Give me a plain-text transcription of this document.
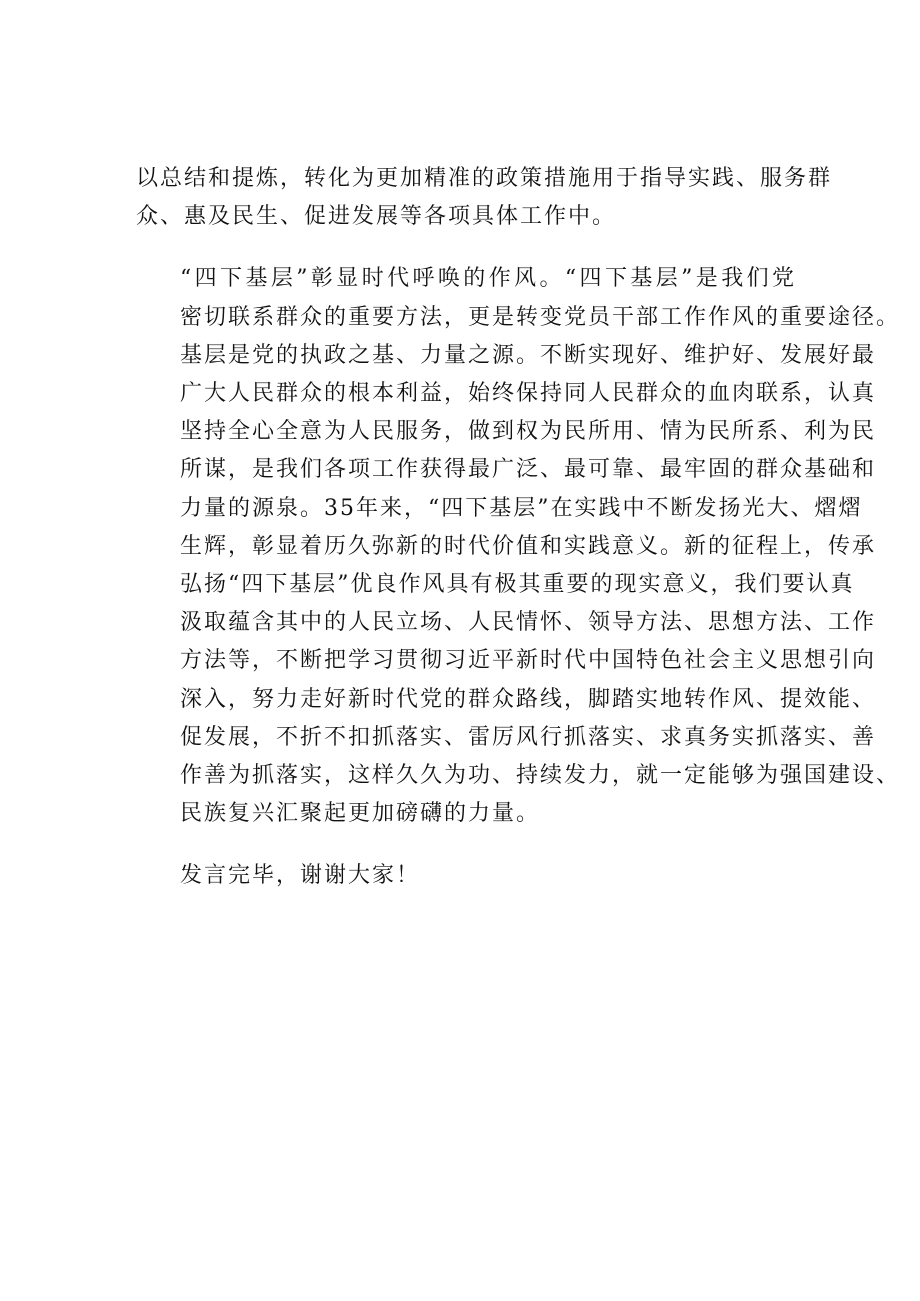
以总结和提炼，转化为更加精准的政策措施用于指导实践、服务群
众、惠及民生、促进发展等各项具体工作中。

“四下基层”彰显时代呼唤的作风。“四下基层”是我们党
密切联系群众的重要方法，更是转变党员干部工作作风的重要途径。
基层是党的执政之基、力量之源。不断实现好、维护好、发展好最
广大人民群众的根本利益，始终保持同人民群众的血肉联系，认真
坚持全心全意为人民服务，做到权为民所用、情为民所系、利为民
所谋，是我们各项工作获得最广泛、最可靠、最牢固的群众基础和
力量的源泉。35年来，“四下基层”在实践中不断发扬光大、熠熠
生辉，彰显着历久弥新的时代价值和实践意义。新的征程上，传承
弘扬“四下基层”优良作风具有极其重要的现实意义，我们要认真
汲取蕴含其中的人民立场、人民情怀、领导方法、思想方法、工作
方法等，不断把学习贯彻习近平新时代中国特色社会主义思想引向
深入，努力走好新时代党的群众路线，脚踏实地转作风、提效能、
促发展，不折不扣抓落实、雷厉风行抓落实、求真务实抓落实、善
作善为抓落实，这样久久为功、持续发力，就一定能够为强国建设、
民族复兴汇聚起更加磅礴的力量。

发言完毕，谢谢大家！
